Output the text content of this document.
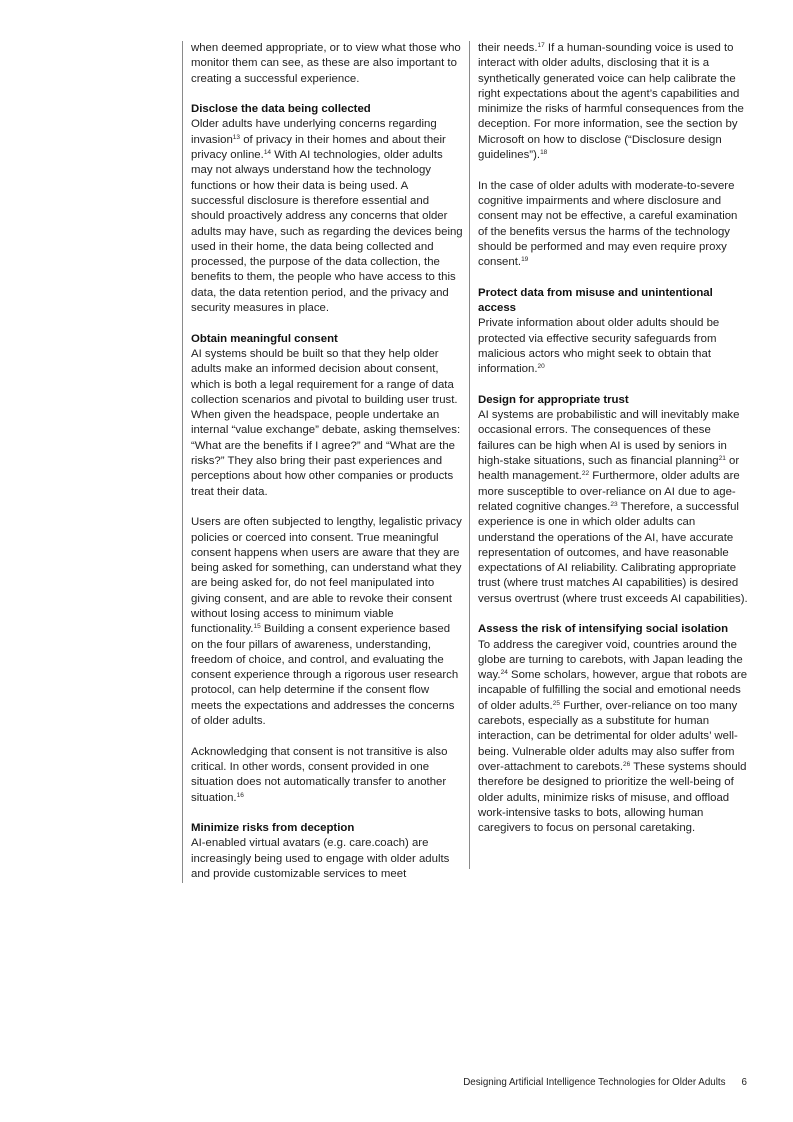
when deemed appropriate, or to view what those who monitor them can see, as these are also important to creating a successful experience.
Disclose the data being collected
Older adults have underlying concerns regarding invasion$^{13}$ of privacy in their homes and about their privacy online.$^{14}$ With AI technologies, older adults may not always understand how the technology functions or how their data is being used. A successful disclosure is therefore essential and should proactively address any concerns that older adults may have, such as regarding the devices being used in their home, the data being collected and processed, the purpose of the data collection, the benefits to them, the people who have access to this data, the data retention period, and the privacy and security measures in place.
Obtain meaningful consent
AI systems should be built so that they help older adults make an informed decision about consent, which is both a legal requirement for a range of data collection scenarios and pivotal to building user trust. When given the headspace, people undertake an internal “value exchange” debate, asking themselves: “What are the benefits if I agree?” and “What are the risks?” They also bring their past experiences and perceptions about how other companies or products treat their data.
Users are often subjected to lengthy, legalistic privacy policies or coerced into consent. True meaningful consent happens when users are aware that they are being asked for something, can understand what they are being asked for, do not feel manipulated into giving consent, and are able to revoke their consent without losing access to minimum viable functionality.$^{15}$ Building a consent experience based on the four pillars of awareness, understanding, freedom of choice, and control, and evaluating the consent experience through a rigorous user research protocol, can help determine if the consent flow meets the expectations and addresses the concerns of older adults.
Acknowledging that consent is not transitive is also critical. In other words, consent provided in one situation does not automatically transfer to another situation.$^{16}$
Minimize risks from deception
AI-enabled virtual avatars (e.g. care.coach) are increasingly being used to engage with older adults and provide customizable services to meet
their needs.$^{17}$ If a human-sounding voice is used to interact with older adults, disclosing that it is a synthetically generated voice can help calibrate the right expectations about the agent’s capabilities and minimize the risks of harmful consequences from the deception. For more information, see the section by Microsoft on how to disclose (“Disclosure design guidelines”).$^{18}$
In the case of older adults with moderate-to-severe cognitive impairments and where disclosure and consent may not be effective, a careful examination of the benefits versus the harms of the technology should be performed and may even require proxy consent.$^{19}$
Protect data from misuse and unintentional access
Private information about older adults should be protected via effective security safeguards from malicious actors who might seek to obtain that information.$^{20}$
Design for appropriate trust
AI systems are probabilistic and will inevitably make occasional errors. The consequences of these failures can be high when AI is used by seniors in high-stake situations, such as financial planning$^{21}$ or health management.$^{22}$ Furthermore, older adults are more susceptible to over-reliance on AI due to age-related cognitive changes.$^{23}$ Therefore, a successful experience is one in which older adults can understand the operations of the AI, have accurate representation of outcomes, and have reasonable expectations of AI reliability. Calibrating appropriate trust (where trust matches AI capabilities) is desired versus overtrust (where trust exceeds AI capabilities).
Assess the risk of intensifying social isolation
To address the caregiver void, countries around the globe are turning to carebots, with Japan leading the way.$^{24}$ Some scholars, however, argue that robots are incapable of fulfilling the social and emotional needs of older adults.$^{25}$ Further, over-reliance on too many carebots, especially as a substitute for human interaction, can be detrimental for older adults’ well-being. Vulnerable older adults may also suffer from over-attachment to carebots.$^{26}$ These systems should therefore be designed to prioritize the well-being of older adults, minimize risks of misuse, and offload work-intensive tasks to bots, allowing human caregivers to focus on personal caretaking.
Designing Artificial Intelligence Technologies for Older Adults 6
